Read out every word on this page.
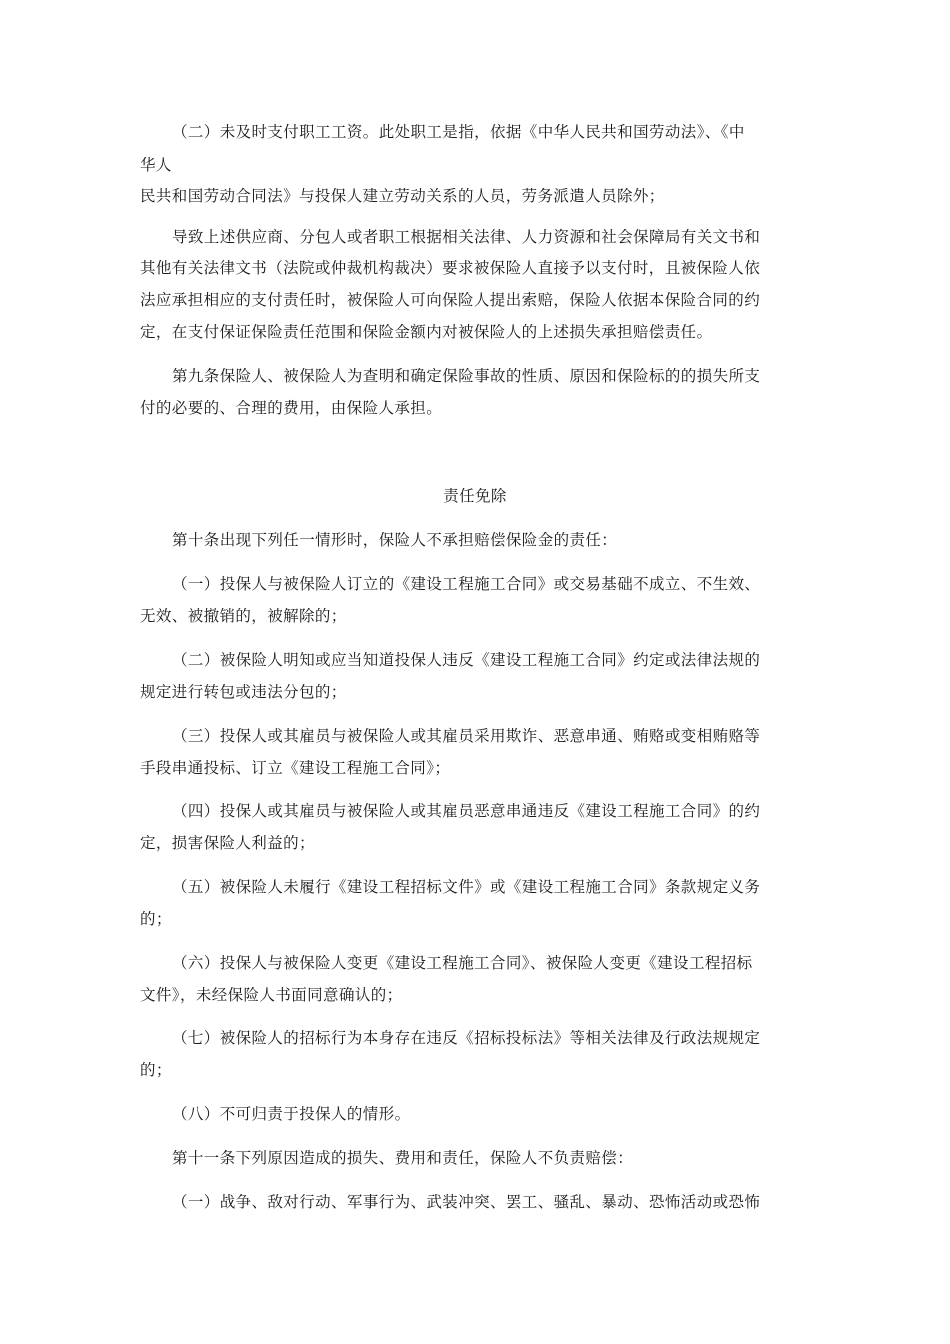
（二）未及时支付职工工资。此处职工是指，依据《中华人民共和国劳动法》、《中
华人
民共和国劳动合同法》与投保人建立劳动关系的人员，劳务派遣人员除外；
导致上述供应商、分包人或者职工根据相关法律、人力资源和社会保障局有关文书和
其他有关法律文书（法院或仲裁机构裁决）要求被保险人直接予以支付时，且被保险人依
法应承担相应的支付责任时，被保险人可向保险人提出索赔，保险人依据本保险合同的约
定，在支付保证保险责任范围和保险金额内对被保险人的上述损失承担赔偿责任。
第九条保险人、被保险人为查明和确定保险事故的性质、原因和保险标的的损失所支
付的必要的、合理的费用，由保险人承担。
责任免除
第十条出现下列任一情形时，保险人不承担赔偿保险金的责任：
（一）投保人与被保险人订立的《建设工程施工合同》或交易基础不成立、不生效、
无效、被撤销的，被解除的；
（二）被保险人明知或应当知道投保人违反《建设工程施工合同》约定或法律法规的
规定进行转包或违法分包的；
（三）投保人或其雇员与被保险人或其雇员采用欺诈、恶意串通、贿赂或变相贿赂等
手段串通投标、订立《建设工程施工合同》；
（四）投保人或其雇员与被保险人或其雇员恶意串通违反《建设工程施工合同》的约
定，损害保险人利益的；
（五）被保险人未履行《建设工程招标文件》或《建设工程施工合同》条款规定义务
的；
（六）投保人与被保险人变更《建设工程施工合同》、被保险人变更《建设工程招标
文件》，未经保险人书面同意确认的；
（七）被保险人的招标行为本身存在违反《招标投标法》等相关法律及行政法规规定
的；
（八）不可归责于投保人的情形。
第十一条下列原因造成的损失、费用和责任，保险人不负责赔偿：
（一）战争、敌对行动、军事行为、武装冲突、罢工、骚乱、暴动、恐怖活动或恐怖
